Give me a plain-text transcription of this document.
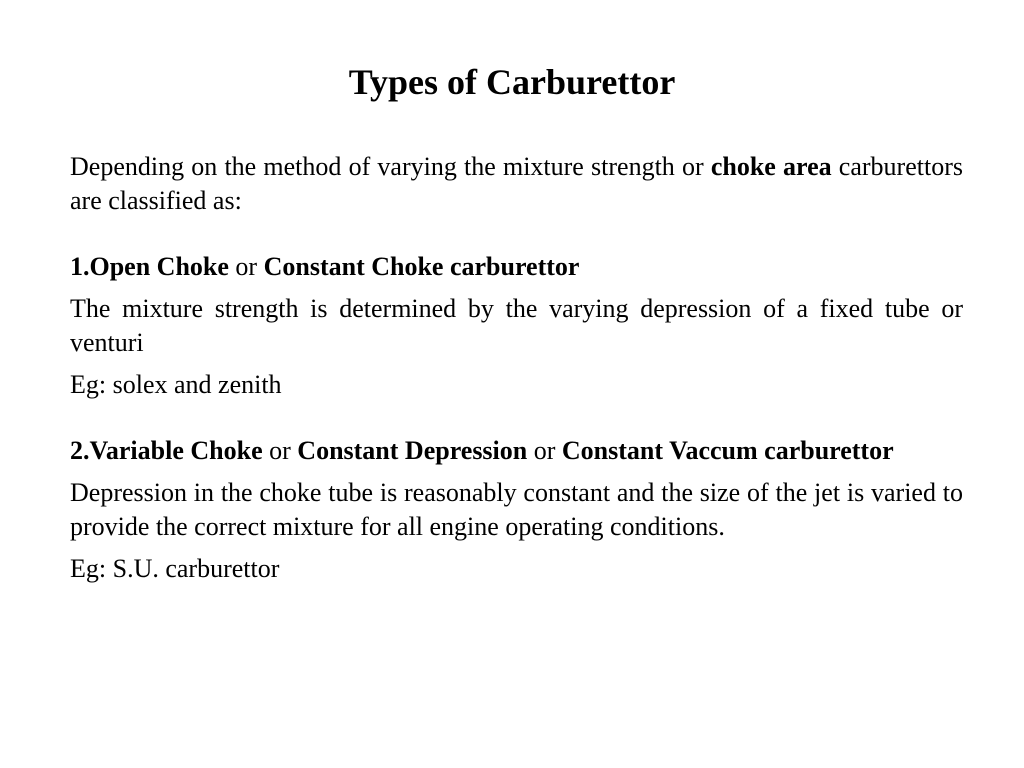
Types of Carburettor

Depending on the method of varying the mixture strength or choke area carburettors are classified as:

1.Open Choke or Constant Choke carburettor

The mixture strength is determined by the varying depression of a fixed tube or venturi

Eg: solex and zenith

2.Variable Choke or Constant Depression or Constant Vaccum carburettor

Depression in the choke tube is reasonably constant and the size of the jet is varied to provide the correct mixture for all engine operating conditions.

Eg: S.U. carburettor
